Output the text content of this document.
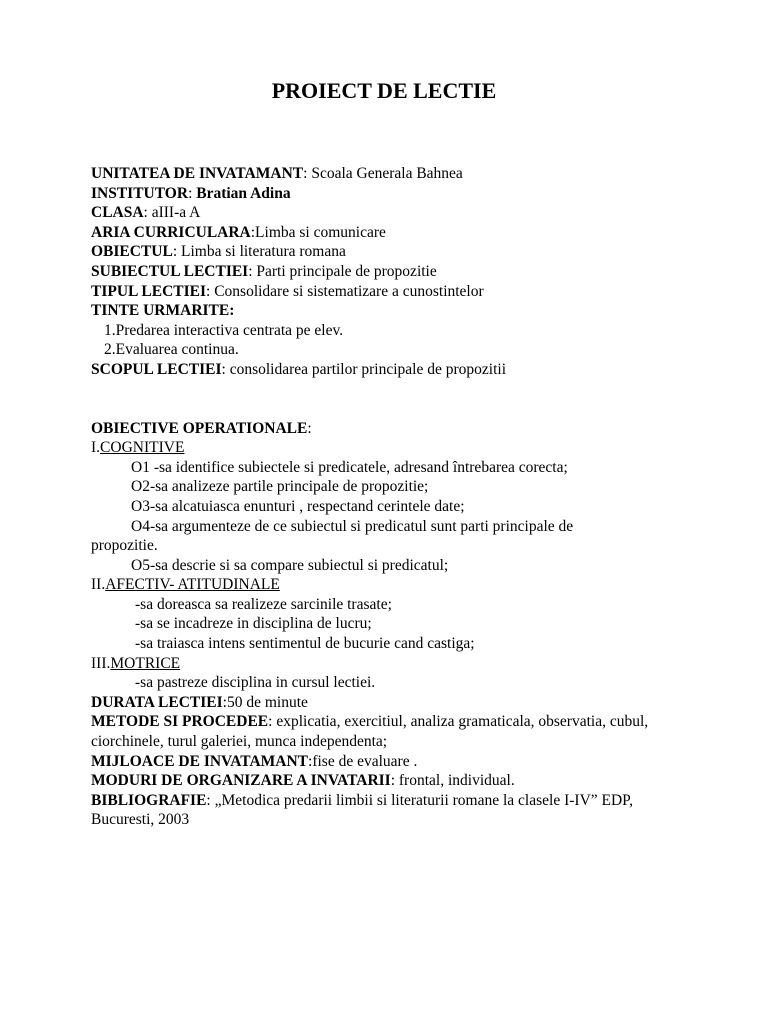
PROIECT DE LECTIE
UNITATEA DE INVATAMANT: Scoala Generala Bahnea
INSTITUTOR: Bratian Adina
CLASA: aIII-a A
ARIA CURRICULARA:Limba si comunicare
OBIECTUL: Limba si literatura romana
SUBIECTUL LECTIEI: Parti principale de propozitie
TIPUL LECTIEI: Consolidare si sistematizare a cunostintelor
TINTE URMARITE:
1.Predarea interactiva centrata pe elev.
2.Evaluarea continua.
SCOPUL LECTIEI: consolidarea partilor principale de propozitii
OBIECTIVE OPERATIONALE:
I.COGNITIVE
O1 -sa identifice subiectele si predicatele, adresand întrebarea corecta;
O2-sa analizeze partile principale de propozitie;
O3-sa alcatuiasca enunturi , respectand cerintele date;
O4-sa argumenteze de ce subiectul si predicatul sunt parti principale de
propozitie.
O5-sa descrie si sa compare subiectul si predicatul;
II.AFECTIV- ATITUDINALE
-sa doreasca sa realizeze sarcinile trasate;
-sa se incadreze in disciplina de lucru;
-sa traiasca intens sentimentul de bucurie cand castiga;
III.MOTRICE
-sa pastreze disciplina in cursul lectiei.
DURATA LECTIEI:50 de minute
METODE SI PROCEDEE: explicatia, exercitiul, analiza gramaticala, observatia, cubul, ciorchinele, turul galeriei, munca independenta;
MIJLOACE DE INVATAMANT:fise de evaluare .
MODURI DE ORGANIZARE A INVATARII: frontal, individual.
BIBLIOGRAFIE: „Metodica predarii limbii si literaturii romane la clasele I-IV” EDP, Bucuresti, 2003
